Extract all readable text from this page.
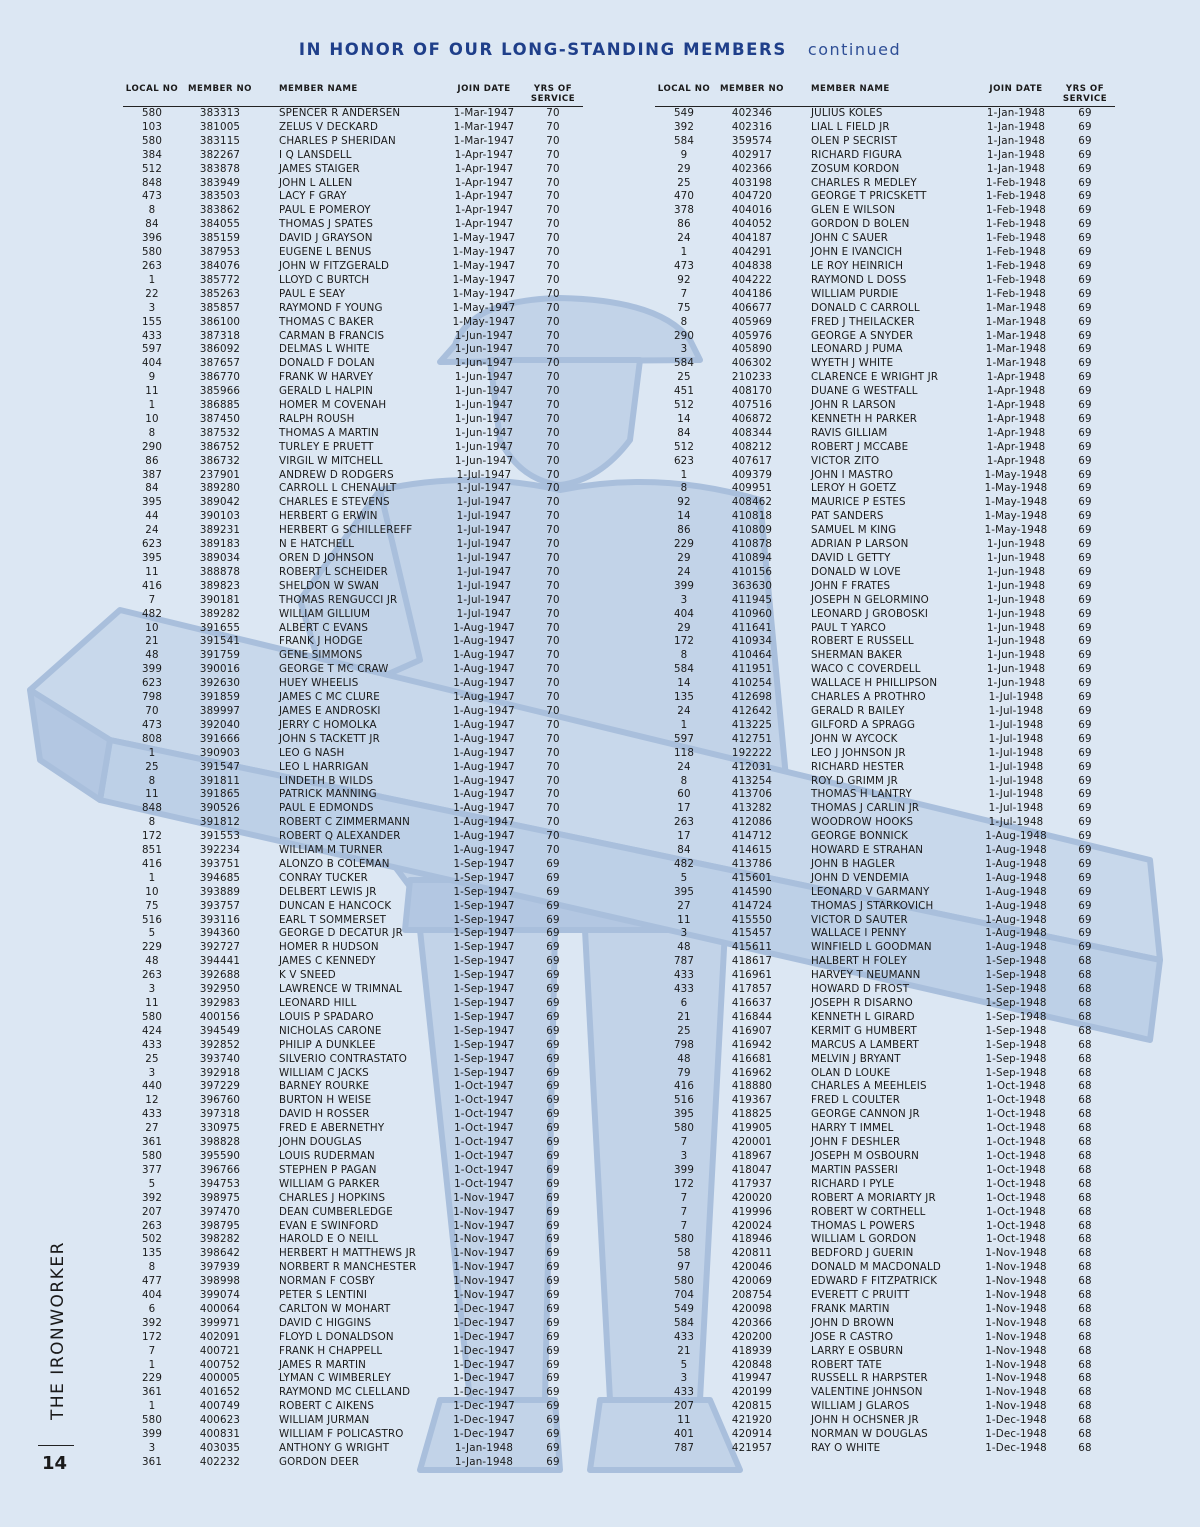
IN HONOR OF OUR LONG-STANDING MEMBERS continued
LOCAL NO	MEMBER NO	MEMBER NAME	JOIN DATE	YRS OF SERVICE
580	383313	SPENCER R ANDERSEN	1-Mar-1947	70
103	381005	ZELUS V DECKARD	1-Mar-1947	70
580	383115	CHARLES P SHERIDAN	1-Mar-1947	70
384	382267	I Q LANSDELL	1-Apr-1947	70
512	383878	JAMES STAIGER	1-Apr-1947	70
848	383949	JOHN L ALLEN	1-Apr-1947	70
473	383503	LACY F GRAY	1-Apr-1947	70
8	383862	PAUL E POMEROY	1-Apr-1947	70
84	384055	THOMAS J SPATES	1-Apr-1947	70
396	385159	DAVID J GRAYSON	1-May-1947	70
580	387953	EUGENE L BENUS	1-May-1947	70
263	384076	JOHN W FITZGERALD	1-May-1947	70
1	385772	LLOYD C BURTCH	1-May-1947	70
22	385263	PAUL E SEAY	1-May-1947	70
3	385857	RAYMOND F YOUNG	1-May-1947	70
155	386100	THOMAS C BAKER	1-May-1947	70
433	387318	CARMAN B FRANCIS	1-Jun-1947	70
597	386092	DELMAS L WHITE	1-Jun-1947	70
404	387657	DONALD F DOLAN	1-Jun-1947	70
9	386770	FRANK W HARVEY	1-Jun-1947	70
11	385966	GERALD L HALPIN	1-Jun-1947	70
1	386885	HOMER M COVENAH	1-Jun-1947	70
10	387450	RALPH ROUSH	1-Jun-1947	70
8	387532	THOMAS A MARTIN	1-Jun-1947	70
290	386752	TURLEY E PRUETT	1-Jun-1947	70
86	386732	VIRGIL W MITCHELL	1-Jun-1947	70
387	237901	ANDREW D RODGERS	1-Jul-1947	70
84	389280	CARROLL L CHENAULT	1-Jul-1947	70
395	389042	CHARLES E STEVENS	1-Jul-1947	70
44	390103	HERBERT G ERWIN	1-Jul-1947	70
24	389231	HERBERT G SCHILLEREFF	1-Jul-1947	70
623	389183	N E HATCHELL	1-Jul-1947	70
395	389034	OREN D JOHNSON	1-Jul-1947	70
11	388878	ROBERT L SCHEIDER	1-Jul-1947	70
416	389823	SHELDON W SWAN	1-Jul-1947	70
7	390181	THOMAS RENGUCCI JR	1-Jul-1947	70
482	389282	WILLIAM GILLIUM	1-Jul-1947	70
10	391655	ALBERT C EVANS	1-Aug-1947	70
21	391541	FRANK J HODGE	1-Aug-1947	70
48	391759	GENE SIMMONS	1-Aug-1947	70
399	390016	GEORGE T MC CRAW	1-Aug-1947	70
623	392630	HUEY WHEELIS	1-Aug-1947	70
798	391859	JAMES C MC CLURE	1-Aug-1947	70
70	389997	JAMES E ANDROSKI	1-Aug-1947	70
473	392040	JERRY C HOMOLKA	1-Aug-1947	70
808	391666	JOHN S TACKETT JR	1-Aug-1947	70
1	390903	LEO G NASH	1-Aug-1947	70
25	391547	LEO L HARRIGAN	1-Aug-1947	70
8	391811	LINDETH B WILDS	1-Aug-1947	70
11	391865	PATRICK MANNING	1-Aug-1947	70
848	390526	PAUL E EDMONDS	1-Aug-1947	70
8	391812	ROBERT C ZIMMERMANN	1-Aug-1947	70
172	391553	ROBERT Q ALEXANDER	1-Aug-1947	70
851	392234	WILLIAM M TURNER	1-Aug-1947	70
416	393751	ALONZO B COLEMAN	1-Sep-1947	69
1	394685	CONRAY TUCKER	1-Sep-1947	69
10	393889	DELBERT LEWIS JR	1-Sep-1947	69
75	393757	DUNCAN E HANCOCK	1-Sep-1947	69
516	393116	EARL T SOMMERSET	1-Sep-1947	69
5	394360	GEORGE D DECATUR JR	1-Sep-1947	69
229	392727	HOMER R HUDSON	1-Sep-1947	69
48	394441	JAMES C KENNEDY	1-Sep-1947	69
263	392688	K V SNEED	1-Sep-1947	69
3	392950	LAWRENCE W TRIMNAL	1-Sep-1947	69
11	392983	LEONARD HILL	1-Sep-1947	69
580	400156	LOUIS P SPADARO	1-Sep-1947	69
424	394549	NICHOLAS CARONE	1-Sep-1947	69
433	392852	PHILIP A DUNKLEE	1-Sep-1947	69
25	393740	SILVERIO CONTRASTATO	1-Sep-1947	69
3	392918	WILLIAM C JACKS	1-Sep-1947	69
440	397229	BARNEY ROURKE	1-Oct-1947	69
12	396760	BURTON H WEISE	1-Oct-1947	69
433	397318	DAVID H ROSSER	1-Oct-1947	69
27	330975	FRED E ABERNETHY	1-Oct-1947	69
361	398828	JOHN DOUGLAS	1-Oct-1947	69
580	395590	LOUIS RUDERMAN	1-Oct-1947	69
377	396766	STEPHEN P PAGAN	1-Oct-1947	69
5	394753	WILLIAM G PARKER	1-Oct-1947	69
392	398975	CHARLES J HOPKINS	1-Nov-1947	69
207	397470	DEAN CUMBERLEDGE	1-Nov-1947	69
263	398795	EVAN E SWINFORD	1-Nov-1947	69
502	398282	HAROLD E O NEILL	1-Nov-1947	69
135	398642	HERBERT H MATTHEWS JR	1-Nov-1947	69
8	397939	NORBERT R MANCHESTER	1-Nov-1947	69
477	398998	NORMAN F COSBY	1-Nov-1947	69
404	399074	PETER S LENTINI	1-Nov-1947	69
6	400064	CARLTON W MOHART	1-Dec-1947	69
392	399971	DAVID C HIGGINS	1-Dec-1947	69
172	402091	FLOYD L DONALDSON	1-Dec-1947	69
7	400721	FRANK H CHAPPELL	1-Dec-1947	69
1	400752	JAMES R MARTIN	1-Dec-1947	69
229	400005	LYMAN C WIMBERLEY	1-Dec-1947	69
361	401652	RAYMOND MC CLELLAND	1-Dec-1947	69
1	400749	ROBERT C AIKENS	1-Dec-1947	69
580	400623	WILLIAM JURMAN	1-Dec-1947	69
399	400831	WILLIAM F POLICASTRO	1-Dec-1947	69
3	403035	ANTHONY G WRIGHT	1-Jan-1948	69
361	402232	GORDON DEER	1-Jan-1948	69
LOCAL NO	MEMBER NO	MEMBER NAME	JOIN DATE	YRS OF SERVICE
549	402346	JULIUS KOLES	1-Jan-1948	69
392	402316	LIAL L FIELD JR	1-Jan-1948	69
584	359574	OLEN P SECRIST	1-Jan-1948	69
9	402917	RICHARD FIGURA	1-Jan-1948	69
29	402366	ZOSUM KORDON	1-Jan-1948	69
25	403198	CHARLES R MEDLEY	1-Feb-1948	69
470	404720	GEORGE T PRICSKETT	1-Feb-1948	69
378	404016	GLEN E WILSON	1-Feb-1948	69
86	404052	GORDON D BOLEN	1-Feb-1948	69
24	404187	JOHN C SAUER	1-Feb-1948	69
1	404291	JOHN E IVANCICH	1-Feb-1948	69
473	404838	LE ROY HEINRICH	1-Feb-1948	69
92	404222	RAYMOND L DOSS	1-Feb-1948	69
7	404186	WILLIAM PURDIE	1-Feb-1948	69
75	406677	DONALD C CARROLL	1-Mar-1948	69
8	405969	FRED J THEILACKER	1-Mar-1948	69
290	405976	GEORGE A SNYDER	1-Mar-1948	69
3	405890	LEONARD J PUMA	1-Mar-1948	69
584	406302	WYETH J WHITE	1-Mar-1948	69
25	210233	CLARENCE E WRIGHT JR	1-Apr-1948	69
451	408170	DUANE G WESTFALL	1-Apr-1948	69
512	407516	JOHN R LARSON	1-Apr-1948	69
14	406872	KENNETH H PARKER	1-Apr-1948	69
84	408344	RAVIS GILLIAM	1-Apr-1948	69
512	408212	ROBERT J MCCABE	1-Apr-1948	69
623	407617	VICTOR ZITO	1-Apr-1948	69
1	409379	JOHN I MASTRO	1-May-1948	69
8	409951	LEROY H GOETZ	1-May-1948	69
92	408462	MAURICE P ESTES	1-May-1948	69
14	410818	PAT SANDERS	1-May-1948	69
86	410809	SAMUEL M KING	1-May-1948	69
229	410878	ADRIAN P LARSON	1-Jun-1948	69
29	410894	DAVID L GETTY	1-Jun-1948	69
24	410156	DONALD W LOVE	1-Jun-1948	69
399	363630	JOHN F FRATES	1-Jun-1948	69
3	411945	JOSEPH N GELORMINO	1-Jun-1948	69
404	410960	LEONARD J GROBOSKI	1-Jun-1948	69
29	411641	PAUL T YARCO	1-Jun-1948	69
172	410934	ROBERT E RUSSELL	1-Jun-1948	69
8	410464	SHERMAN BAKER	1-Jun-1948	69
584	411951	WACO C COVERDELL	1-Jun-1948	69
14	410254	WALLACE H PHILLIPSON	1-Jun-1948	69
135	412698	CHARLES A PROTHRO	1-Jul-1948	69
24	412642	GERALD R BAILEY	1-Jul-1948	69
1	413225	GILFORD A SPRAGG	1-Jul-1948	69
597	412751	JOHN W AYCOCK	1-Jul-1948	69
118	192222	LEO J JOHNSON JR	1-Jul-1948	69
24	412031	RICHARD HESTER	1-Jul-1948	69
8	413254	ROY D GRIMM JR	1-Jul-1948	69
60	413706	THOMAS H LANTRY	1-Jul-1948	69
17	413282	THOMAS J CARLIN JR	1-Jul-1948	69
263	412086	WOODROW HOOKS	1-Jul-1948	69
17	414712	GEORGE BONNICK	1-Aug-1948	69
84	414615	HOWARD E STRAHAN	1-Aug-1948	69
482	413786	JOHN B HAGLER	1-Aug-1948	69
5	415601	JOHN D VENDEMIA	1-Aug-1948	69
395	414590	LEONARD V GARMANY	1-Aug-1948	69
27	414724	THOMAS J STARKOVICH	1-Aug-1948	69
11	415550	VICTOR D SAUTER	1-Aug-1948	69
3	415457	WALLACE I PENNY	1-Aug-1948	69
48	415611	WINFIELD L GOODMAN	1-Aug-1948	69
787	418617	HALBERT H FOLEY	1-Sep-1948	68
433	416961	HARVEY T NEUMANN	1-Sep-1948	68
433	417857	HOWARD D FROST	1-Sep-1948	68
6	416637	JOSEPH R DISARNO	1-Sep-1948	68
21	416844	KENNETH L GIRARD	1-Sep-1948	68
25	416907	KERMIT G HUMBERT	1-Sep-1948	68
798	416942	MARCUS A LAMBERT	1-Sep-1948	68
48	416681	MELVIN J BRYANT	1-Sep-1948	68
79	416962	OLAN D LOUKE	1-Sep-1948	68
416	418880	CHARLES A MEEHLEIS	1-Oct-1948	68
516	419367	FRED L COULTER	1-Oct-1948	68
395	418825	GEORGE CANNON JR	1-Oct-1948	68
580	419905	HARRY T IMMEL	1-Oct-1948	68
7	420001	JOHN F DESHLER	1-Oct-1948	68
3	418967	JOSEPH M OSBOURN	1-Oct-1948	68
399	418047	MARTIN PASSERI	1-Oct-1948	68
172	417937	RICHARD I PYLE	1-Oct-1948	68
7	420020	ROBERT A MORIARTY JR	1-Oct-1948	68
7	419996	ROBERT W CORTHELL	1-Oct-1948	68
7	420024	THOMAS L POWERS	1-Oct-1948	68
580	418946	WILLIAM L GORDON	1-Oct-1948	68
58	420811	BEDFORD J GUERIN	1-Nov-1948	68
97	420046	DONALD M MACDONALD	1-Nov-1948	68
580	420069	EDWARD F FITZPATRICK	1-Nov-1948	68
704	208754	EVERETT C PRUITT	1-Nov-1948	68
549	420098	FRANK MARTIN	1-Nov-1948	68
584	420366	JOHN D BROWN	1-Nov-1948	68
433	420200	JOSE R CASTRO	1-Nov-1948	68
21	418939	LARRY E OSBURN	1-Nov-1948	68
5	420848	ROBERT TATE	1-Nov-1948	68
3	419947	RUSSELL R HARPSTER	1-Nov-1948	68
433	420199	VALENTINE JOHNSON	1-Nov-1948	68
207	420815	WILLIAM J GLAROS	1-Nov-1948	68
11	421920	JOHN H OCHSNER JR	1-Dec-1948	68
401	420914	NORMAN W DOUGLAS	1-Dec-1948	68
787	421957	RAY O WHITE	1-Dec-1948	68
THE IRONWORKER
14
